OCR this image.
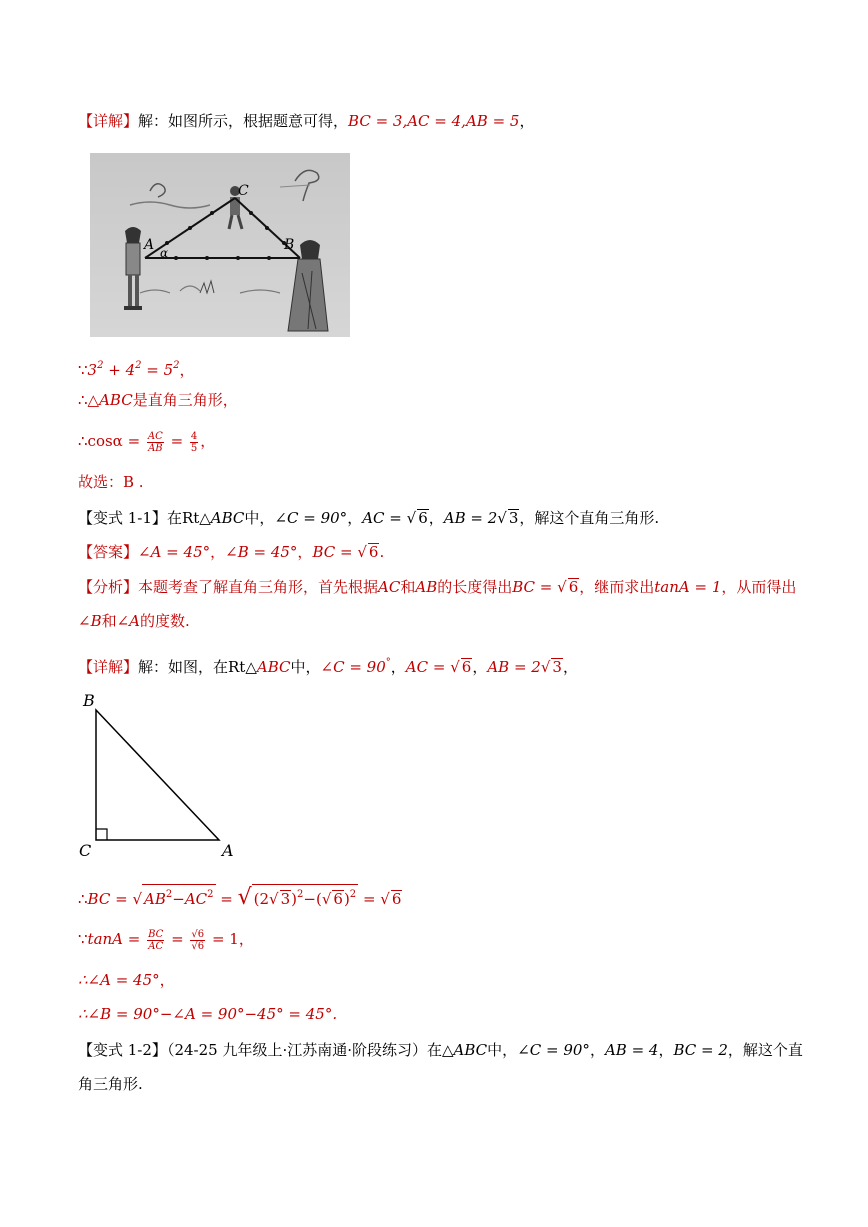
【详解】解：如图所示，根据题意可得，BC = 3,AC = 4,AB = 5，
C
A α	B
$\because 3^2 + 4^2 = 5^2$，
∴△ABC是直角三角形，
∴cosα = $\frac{AC}{AB} = \frac{4}{5}$ ，
故选：B .
【变式 1-1】在Rt△ABC中，∠C = 90°，AC = √ 6，AB = 2√ 3，解这个直角三角形.
【答案】∠A = 45°，∠B = 45°，BC = √ 6.
【分析】本题考查了解直角三角形，首先根据AC和AB的长度得出BC = √ 6，继而求出tanA = 1，从而得出
∠B和∠A的度数.
【详解】解：如图，在Rt△ABC中，∠C = 90°，AC = √ 6，AB = 2√ 3，
B
C	A
∴BC = √ $AB^2-AC^2$ = √ (2√ 3)$^2$−(√ 6)$^2$ = √ 6
∵tanA = $\frac{BC}{AC} = \frac{√6}{√6} = 1$，
∴∠A = 45°，
∴∠B = 90°−∠A = 90°−45° = 45°.
【变式 1-2】（24-25 九年级上·江苏南通·阶段练习）在△ABC中，∠C = 90°，AB = 4，BC = 2，解这个直
角三角形.
